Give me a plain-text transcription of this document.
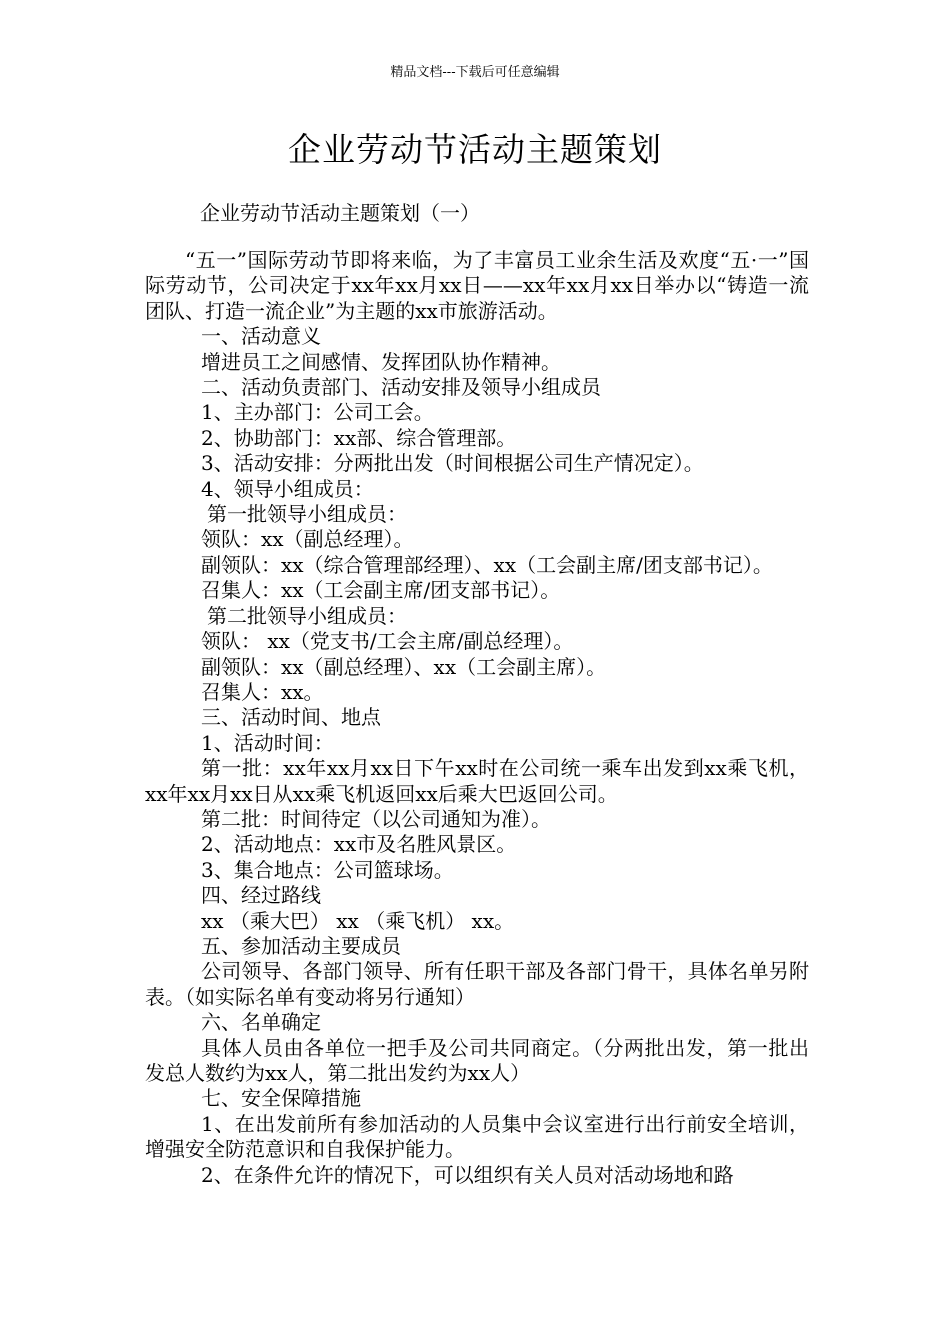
精品文档---下载后可任意编辑
企业劳动节活动主题策划
企业劳动节活动主题策划（一）

“五一”国际劳动节即将来临，为了丰富员工业余生活及欢度“五·一”国际劳动节，公司决定于xx年xx月xx日——xx年xx月xx日举办以“铸造一流团队、打造一流企业”为主题的xx市旅游活动。

一、活动意义

增进员工之间感情、发挥团队协作精神。

二、活动负责部门、活动安排及领导小组成员

1、主办部门：公司工会。

2、协助部门：xx部、综合管理部。

3、活动安排：分两批出发（时间根据公司生产情况定）。

4、领导小组成员：

第一批领导小组成员：

领队：xx（副总经理）。

副领队：xx（综合管理部经理）、xx（工会副主席/团支部书记）。

召集人：xx（工会副主席/团支部书记）。

第二批领导小组成员：

领队： xx（党支书/工会主席/副总经理）。

副领队：xx（副总经理）、xx（工会副主席）。

召集人：xx。

三、活动时间、地点

1、活动时间：

第一批：xx年xx月xx日下午xx时在公司统一乘车出发到xx乘飞机，xx年xx月xx日从xx乘飞机返回xx后乘大巴返回公司。

第二批：时间待定（以公司通知为准）。

2、活动地点：xx市及名胜风景区。

3、集合地点：公司篮球场。

四、经过路线

xx （乘大巴） xx （乘飞机） xx。

五、参加活动主要成员

公司领导、各部门领导、所有任职干部及各部门骨干，具体名单另附表。（如实际名单有变动将另行通知）

六、名单确定

具体人员由各单位一把手及公司共同商定。（分两批出发，第一批出发总人数约为xx人，第二批出发约为xx人）

七、安全保障措施

1、在出发前所有参加活动的人员集中会议室进行出行前安全培训，增强安全防范意识和自我保护能力。

2、在条件允许的情况下，可以组织有关人员对活动场地和路
